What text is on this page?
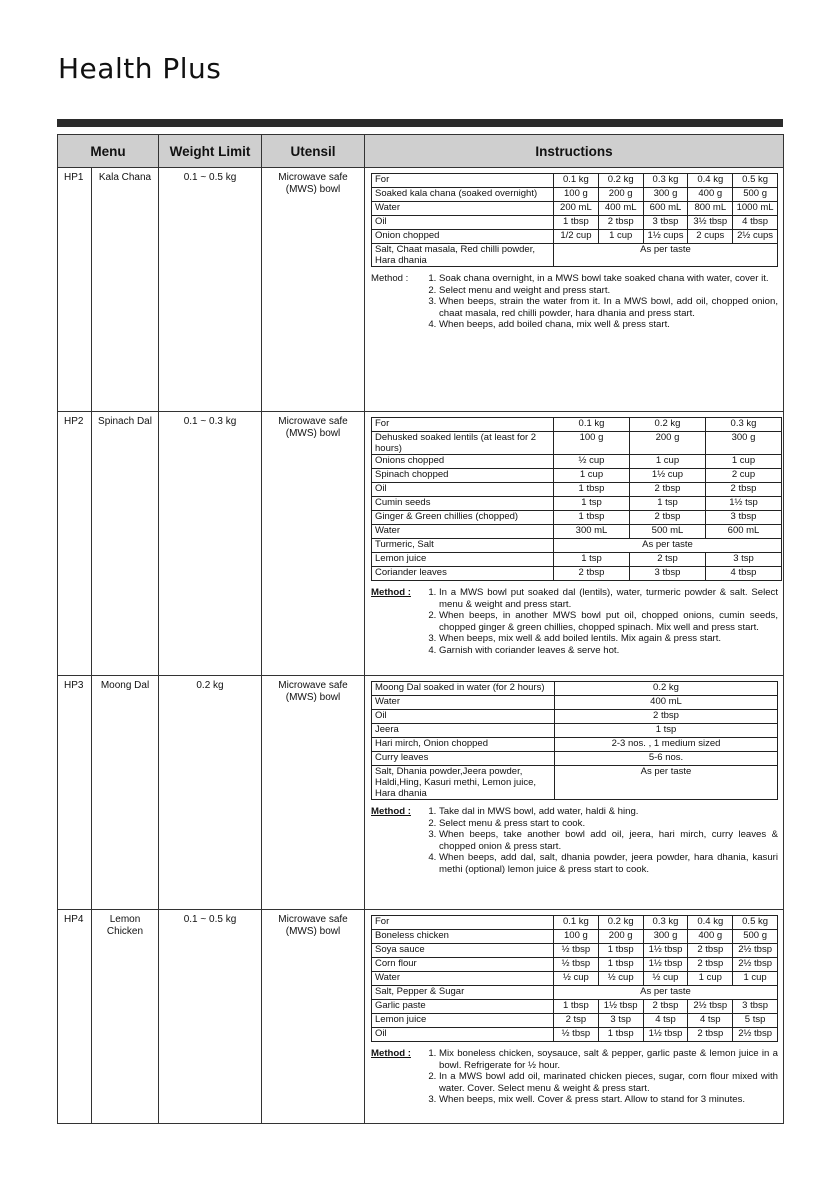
Health Plus
Menu	Weight Limit	Utensil	Instructions
HP1	Kala Chana	0.1 ~ 0.5 kg	Microwave safe (MWS) bowl	
For	0.1 kg	0.2 kg	0.3 kg	0.4 kg	0.5 kg
Soaked kala chana (soaked overnight)	100 g	200 g	300 g	400 g	500 g
Water	200 mL	400 mL	600 mL	800 mL	1000 mL
Oil	1 tbsp	2 tbsp	3 tbsp	3½ tbsp	4 tbsp
Onion chopped	1/2 cup	1 cup	1½ cups	2 cups	2½ cups
Salt, Chaat masala, Red chilli powder, Hara dhania	As per taste
Method :	1. Soak chana overnight, in a MWS bowl take soaked chana with water, cover it.
2. Select menu and weight and press start.
3. When beeps, strain the water from it. In a MWS bowl, add oil, chopped onion, chaat masala, red chilli powder, hara dhania and press start.
4. When beeps, add boiled chana, mix well & press start.

HP2	Spinach Dal	0.1 ~ 0.3 kg	Microwave safe (MWS) bowl	
For	0.1 kg	0.2 kg	0.3 kg
Dehusked soaked lentils (at least for 2 hours)	100 g	200 g	300 g
Onions chopped	½ cup	1 cup	1 cup
Spinach chopped	1 cup	1½ cup	2 cup
Oil	1 tbsp	2 tbsp	2 tbsp
Cumin seeds	1 tsp	1 tsp	1½ tsp
Ginger & Green chillies (chopped)	1 tbsp	2 tbsp	3 tbsp
Water	300 mL	500 mL	600 mL
Turmeric, Salt	As per taste
Lemon juice	1 tsp	2 tsp	3 tsp
Coriander leaves	2 tbsp	3 tbsp	4 tbsp
Method :	1. In a MWS bowl put soaked dal (lentils), water, turmeric powder & salt. Select menu & weight and press start.
2. When beeps, in another MWS bowl put oil, chopped onions, cumin seeds, chopped ginger & green chillies, chopped spinach. Mix well and press start.
3. When beeps, mix well & add boiled lentils. Mix again & press start.
4. Garnish with coriander leaves & serve hot.

HP3	Moong Dal	0.2 kg	Microwave safe (MWS) bowl	
Moong Dal soaked in water (for 2 hours)	0.2 kg
Water	400 mL
Oil	2 tbsp
Jeera	1 tsp
Hari mirch, Onion chopped	2-3 nos. , 1 medium sized
Curry leaves	5-6 nos.
Salt, Dhania powder,Jeera powder, Haldi,Hing, Kasuri methi, Lemon juice, Hara dhania	As per taste
Method :	1. Take dal in MWS bowl, add water, haldi & hing.
2. Select menu & press start to cook.
3. When beeps, take another bowl add oil, jeera, hari mirch, curry leaves & chopped onion & press start.
4. When beeps, add dal, salt, dhania powder, jeera powder, hara dhania, kasuri methi (optional) lemon juice & press start to cook.

HP4	Lemon Chicken	0.1 ~ 0.5 kg	Microwave safe (MWS) bowl	
For	0.1 kg	0.2 kg	0.3 kg	0.4 kg	0.5 kg
Boneless chicken	100 g	200 g	300 g	400 g	500 g
Soya sauce	½ tbsp	1 tbsp	1½ tbsp	2 tbsp	2½ tbsp
Corn flour	½ tbsp	1 tbsp	1½ tbsp	2 tbsp	2½ tbsp
Water	½ cup	½ cup	½ cup	1 cup	1 cup
Salt, Pepper & Sugar	As per taste
Garlic paste	1 tbsp	1½ tbsp	2 tbsp	2½ tbsp	3 tbsp
Lemon juice	2 tsp	3 tsp	4 tsp	4 tsp	5 tsp
Oil	½ tbsp	1 tbsp	1½ tbsp	2 tbsp	2½ tbsp
Method :	1. Mix boneless chicken, soysauce, salt & pepper, garlic paste & lemon juice in a bowl. Refrigerate for ½ hour.
2. In a MWS bowl add oil, marinated chicken pieces, sugar, corn flour mixed with water. Cover. Select menu & weight & press start.
3. When beeps, mix well. Cover & press start. Allow to stand for 3 minutes.
